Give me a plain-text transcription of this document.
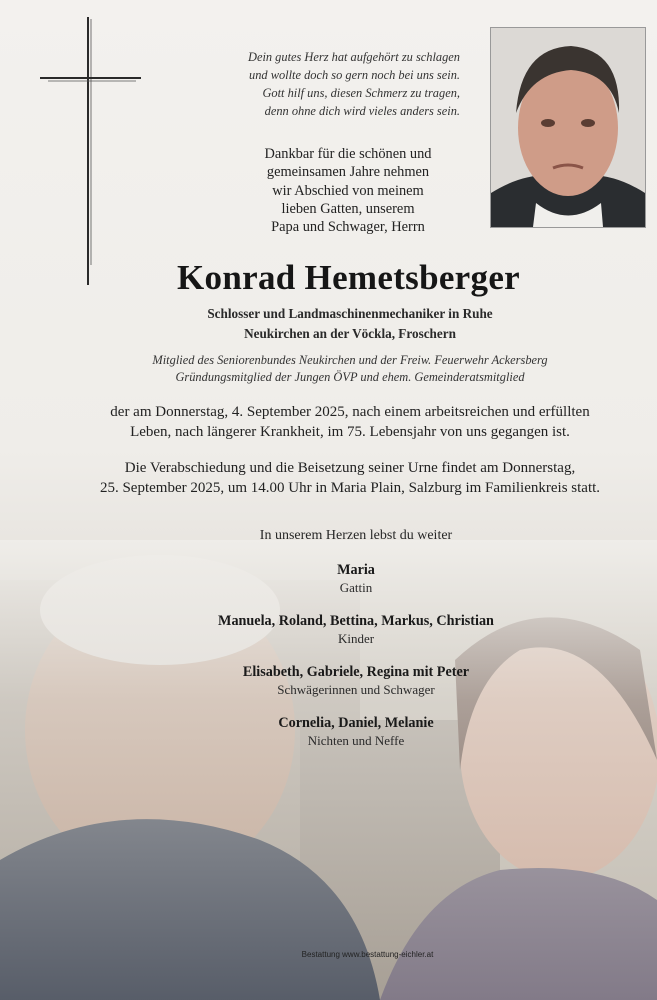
Dein gutes Herz hat aufgehört zu schlagen
und wolltе doch so gern noch bei uns sein.
Gott hilf uns, diesen Schmerz zu tragen,
denn ohne dich wird vieles anders sein.
Dankbar für die schönen und
gemeinsamen Jahre nehmen
wir Abschied von meinem
lieben Gatten, unserem
Papa und Schwager, Herrn
Konrad Hemetsberger
Schlosser und Landmaschinenmechaniker in Ruhe
Neukirchen an der Vöckla, Froschern
Mitglied des Seniorenbundes Neukirchen und der Freiw. Feuerwehr Ackersberg
Gründungsmitglied der Jungen ÖVP und ehem. Gemeinderatsmitglied
der am Donnerstag, 4. September 2025, nach einem arbeitsreichen und erfüllten
Leben, nach längerer Krankheit, im 75. Lebensjahr von uns gegangen ist.
Die Verabschiedung und die Beisetzung seiner Urne findet am Donnerstag,
25. September 2025, um 14.00 Uhr in Maria Plain, Salzburg im Familienkreis statt.
In unserem Herzen lebst du weiter
Maria
Gattin
Manuela, Roland, Bettina, Markus, Christian
Kinder
Elisabeth, Gabriele, Regina mit Peter
Schwägerinnen und Schwager
Cornelia, Daniel, Melanie
Nichten und Neffe
Bestattung www.bestattung-eichler.at
